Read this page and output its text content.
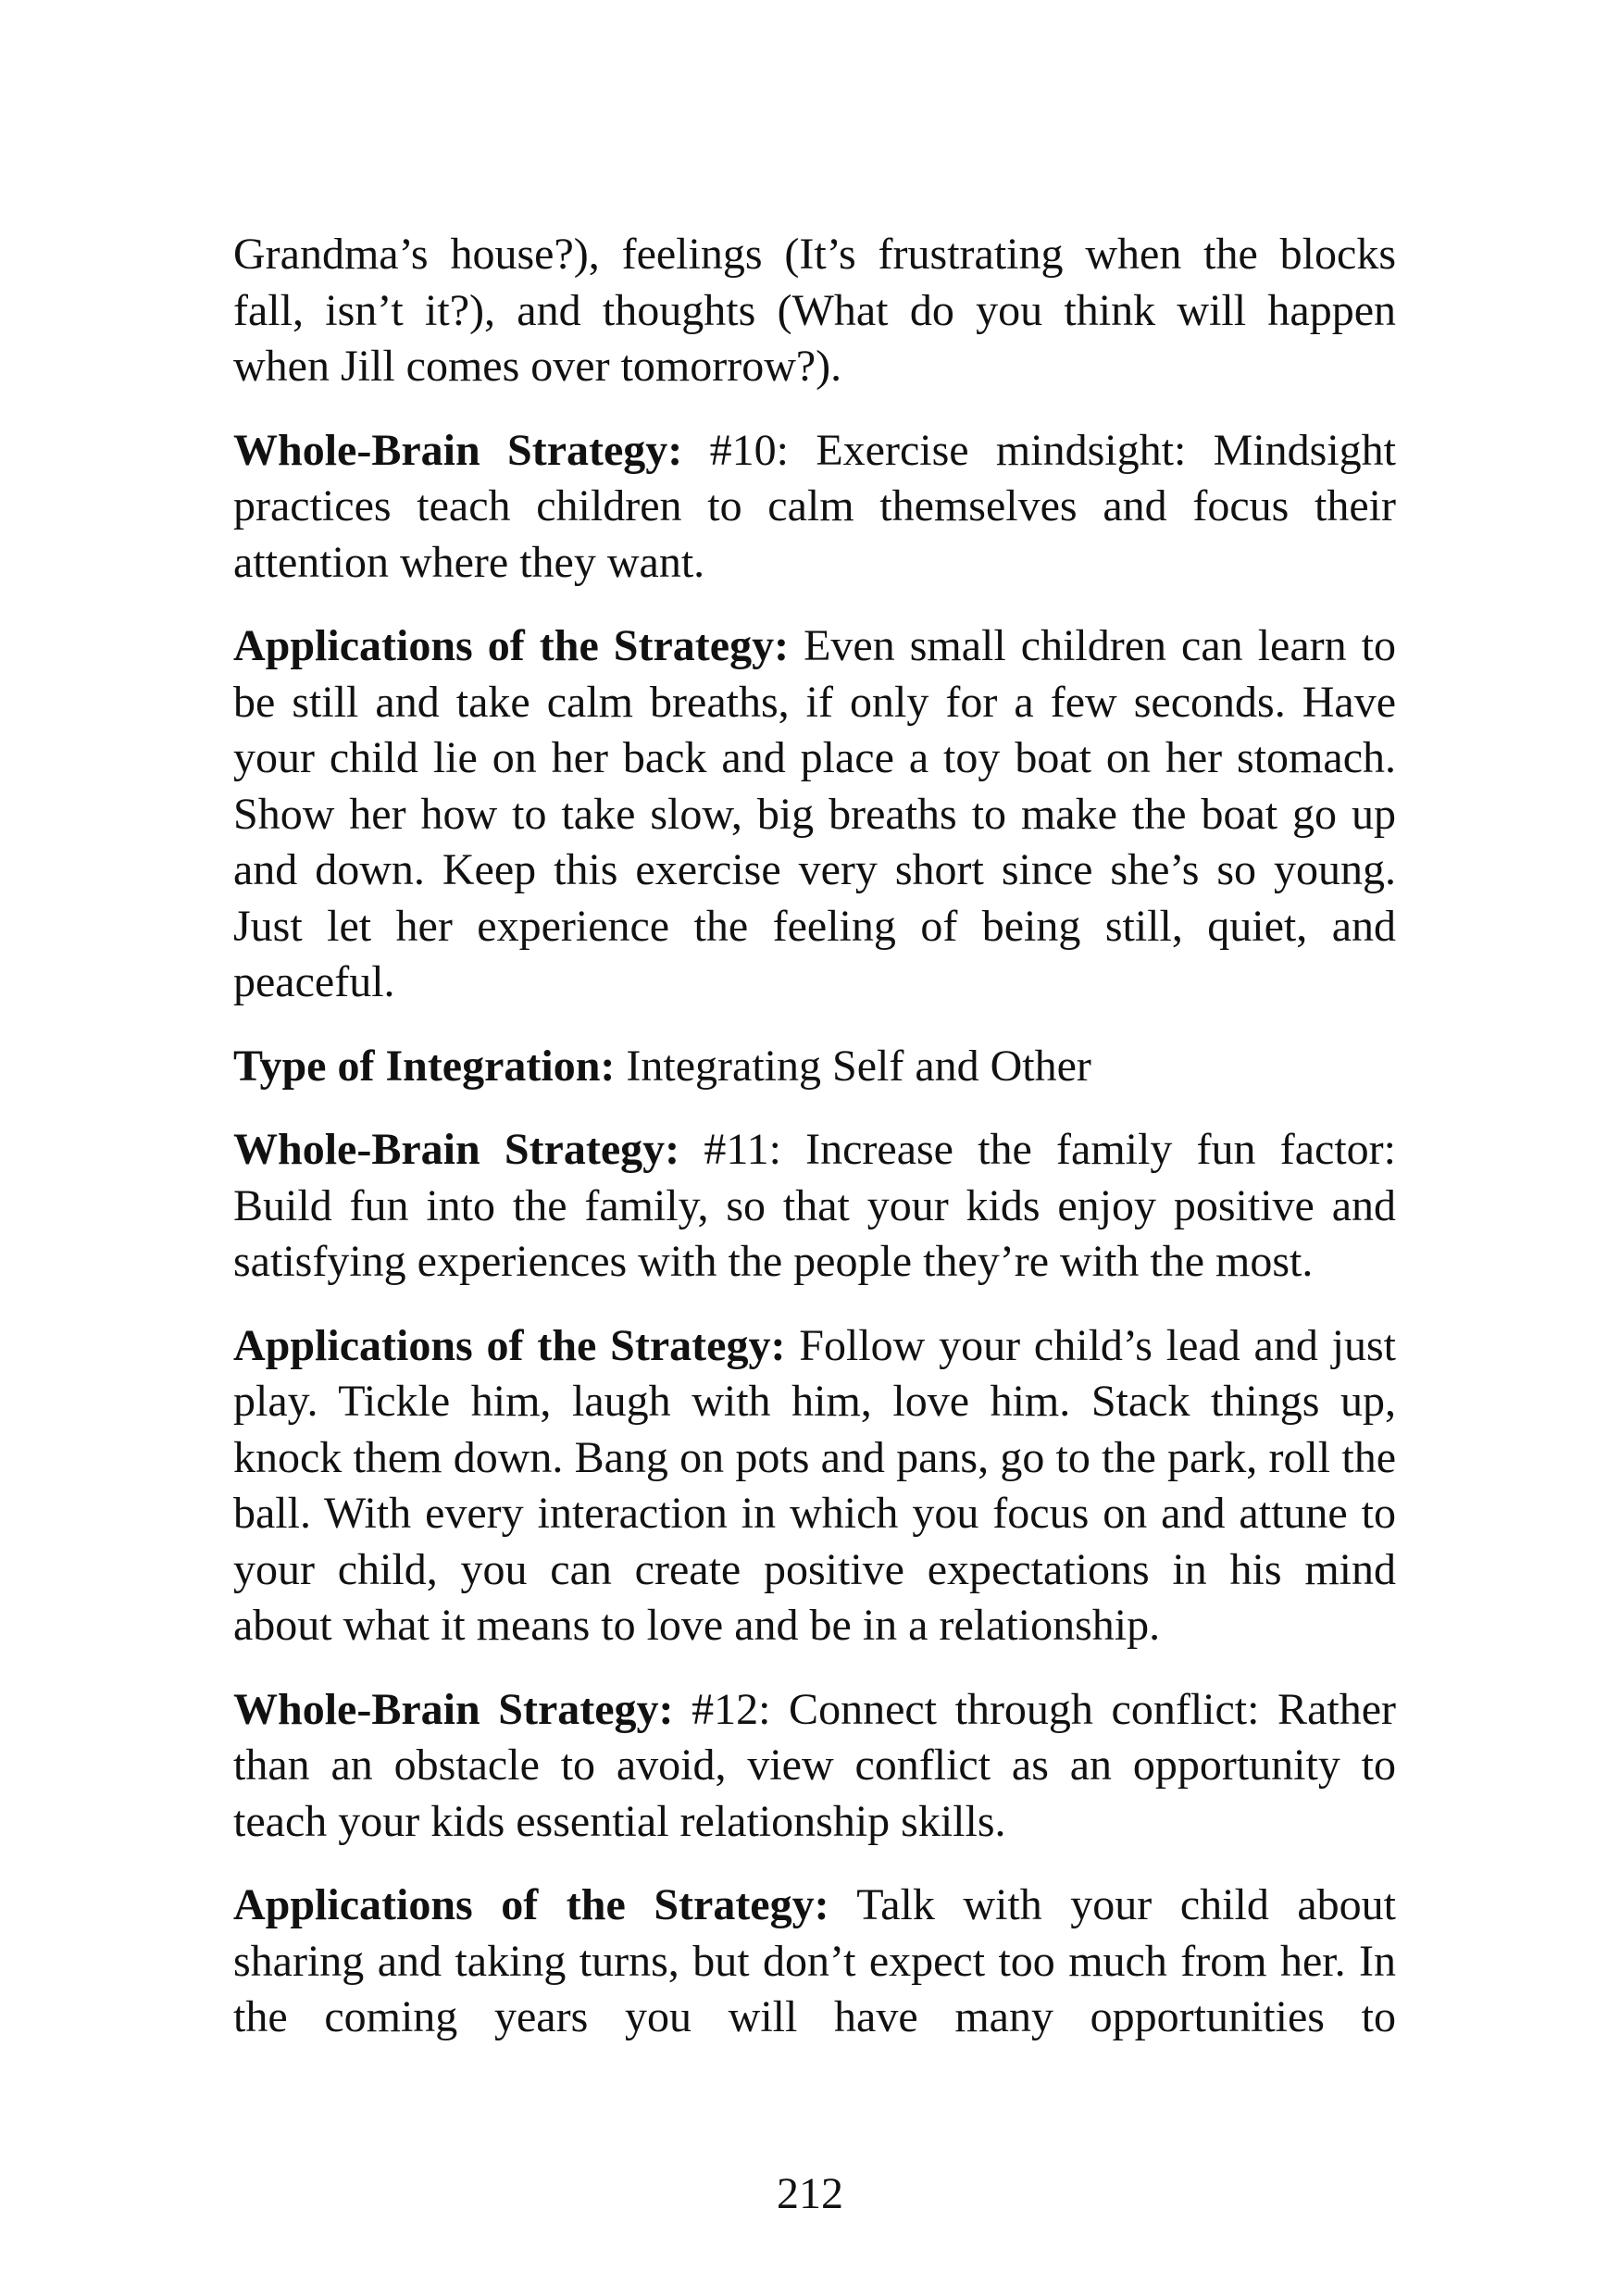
Grandma’s house?), feelings (It’s frustrating when the blocks fall, isn’t it?), and thoughts (What do you think will happen when Jill comes over tomorrow?).

Whole-Brain Strategy: #10: Exercise mindsight: Mindsight practices teach children to calm themselves and focus their attention where they want.

Applications of the Strategy: Even small children can learn to be still and take calm breaths, if only for a few seconds. Have your child lie on her back and place a toy boat on her stomach. Show her how to take slow, big breaths to make the boat go up and down. Keep this exercise very short since she’s so young. Just let her experience the feeling of being still, quiet, and peaceful.

Type of Integration: Integrating Self and Other

Whole-Brain Strategy: #11: Increase the family fun factor: Build fun into the family, so that your kids enjoy positive and satisfying experiences with the people they’re with the most.

Applications of the Strategy: Follow your child’s lead and just play. Tickle him, laugh with him, love him. Stack things up, knock them down. Bang on pots and pans, go to the park, roll the ball. With every interaction in which you focus on and attune to your child, you can create positive expectations in his mind about what it means to love and be in a relationship.

Whole-Brain Strategy: #12: Connect through conflict: Rather than an obstacle to avoid, view conflict as an opportunity to teach your kids essential relationship skills.

Applications of the Strategy: Talk with your child about sharing and taking turns, but don’t expect too much from her. In the coming years you will have many opportunities to

212
